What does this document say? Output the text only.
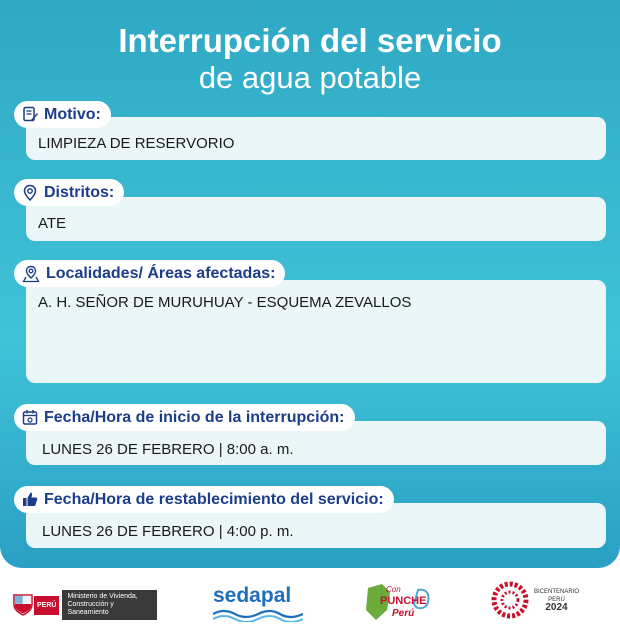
Interrupción del servicio
de agua potable
Motivo:
LIMPIEZA DE RESERVORIO
Distritos:
ATE
Localidades/ Áreas afectadas:
A. H. SEÑOR DE MURUHUAY - ESQUEMA ZEVALLOS
Fecha/Hora de inicio de la interrupción:
LUNES 26 DE FEBRERO | 8:00 a. m.
Fecha/Hora de restablecimiento del servicio:
LUNES 26 DE FEBRERO | 4:00 p. m.
PERÚ
Ministerio de Vivienda, Construcción y Saneamiento
sedapal	Con
PUNCHE
Perú
BICENTENARIO
PERÚ
2024
